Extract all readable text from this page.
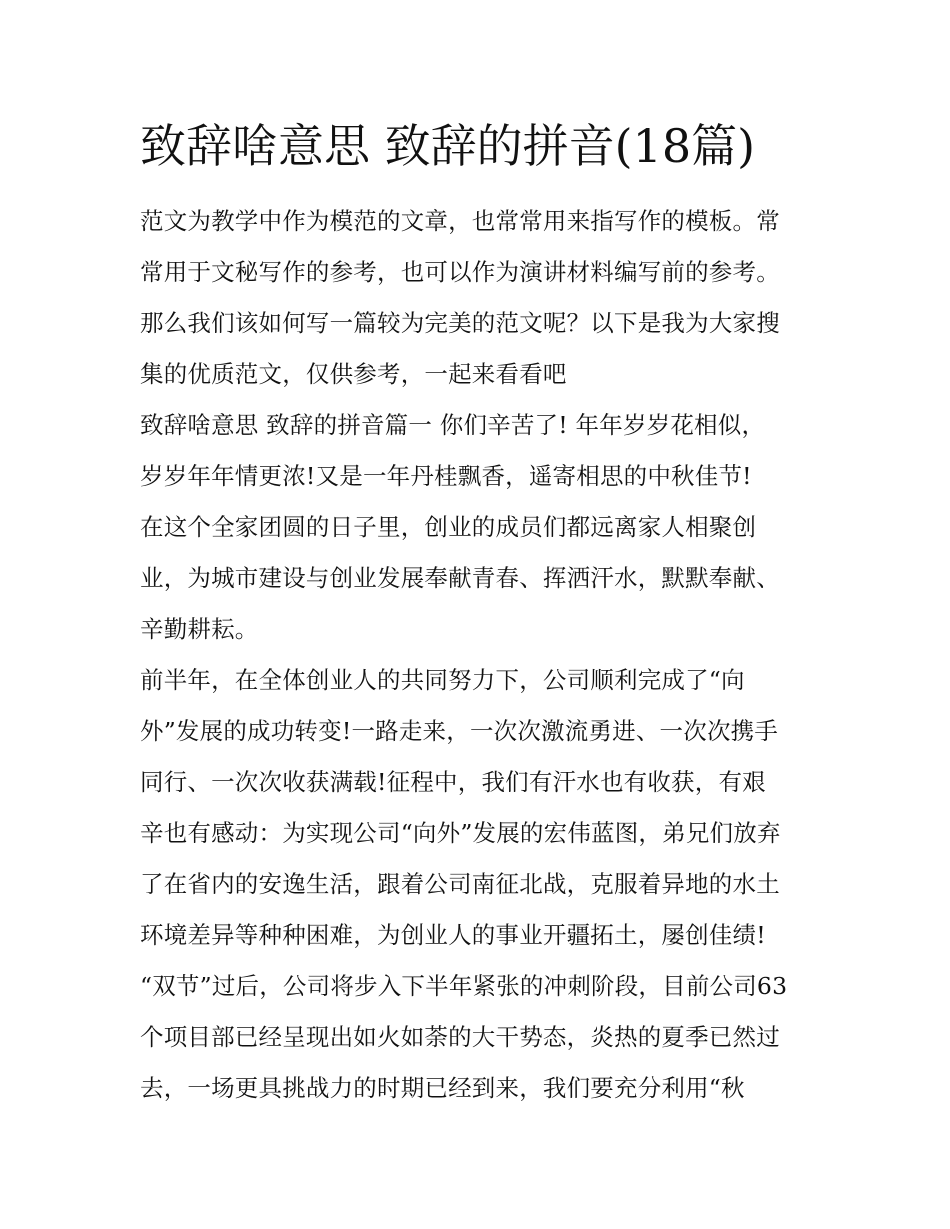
致辞啥意思 致辞的拼音(18篇)
范文为教学中作为模范的文章，也常常用来指写作的模板。常
常用于文秘写作的参考，也可以作为演讲材料编写前的参考。
那么我们该如何写一篇较为完美的范文呢？以下是我为大家搜
集的优质范文，仅供参考，一起来看看吧
致辞啥意思 致辞的拼音篇一 你们辛苦了! 年年岁岁花相似，
岁岁年年情更浓!又是一年丹桂飘香，遥寄相思的中秋佳节!
在这个全家团圆的日子里，创业的成员们都远离家人相聚创
业，为城市建设与创业发展奉献青春、挥洒汗水，默默奉献、
辛勤耕耘。
前半年，在全体创业人的共同努力下，公司顺利完成了“向
外”发展的成功转变!一路走来，一次次激流勇进、一次次携手
同行、一次次收获满载!征程中，我们有汗水也有收获，有艰
辛也有感动：为实现公司“向外”发展的宏伟蓝图，弟兄们放弃
了在省内的安逸生活，跟着公司南征北战，克服着异地的水土
环境差异等种种困难，为创业人的事业开疆拓土，屡创佳绩!
“双节”过后，公司将步入下半年紧张的冲刺阶段，目前公司63
个项目部已经呈现出如火如荼的大干势态，炎热的夏季已然过
去，一场更具挑战力的时期已经到来，我们要充分利用“秋
